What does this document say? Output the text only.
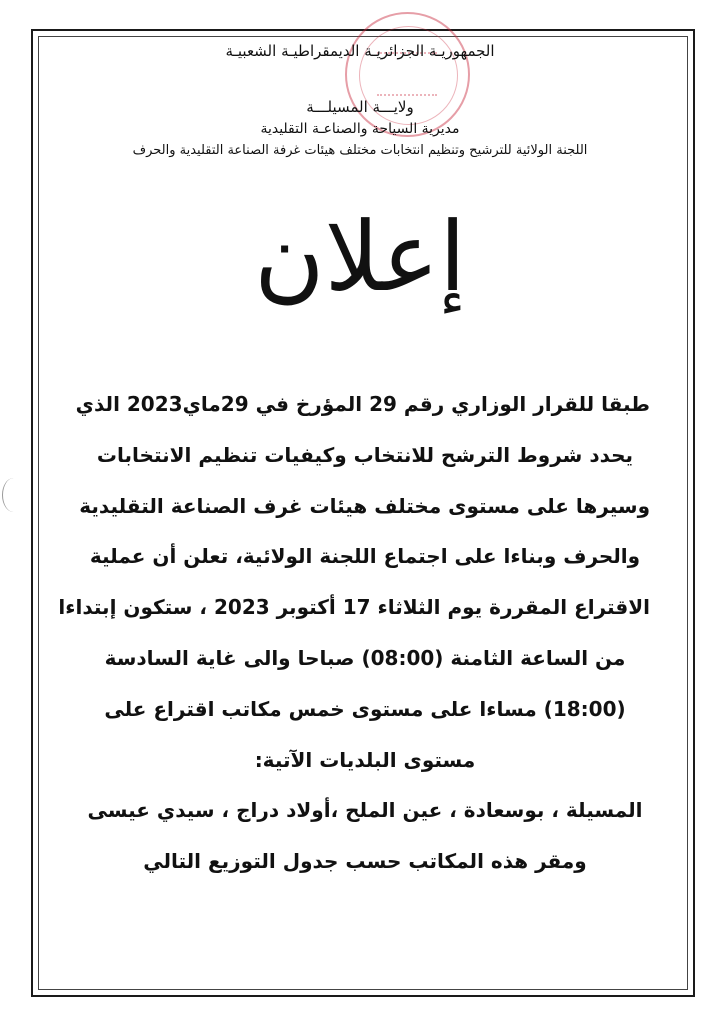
الجمهوريـة الجزائريـة الديمقراطيـة الشعبيـة
ولايـــة المسيلـــة
مديرية السياحة والصناعـة التقليدية
اللجنة الولائية للترشيح وتنظيم انتخابات مختلف هيئات غرفة الصناعة التقليدية والحرف
إعلان
طبقا للقرار الوزاري رقم 29 المؤرخ في 29ماي2023 الذي
يحدد شروط الترشح للانتخاب وكيفيات تنظيم الانتخابات
وسيرها على مستوى مختلف هيئات غرف الصناعة التقليدية
والحرف وبناءا على اجتماع اللجنة الولائية، تعلن أن عملية
الاقتراع المقررة يوم الثلاثاء 17 أكتوبر 2023 ، ستكون إبتداءا
من الساعة الثامنة (08:00) صباحا والى غاية السادسة
(18:00) مساءا على مستوى خمس مكاتب اقتراع على
مستوى البلديات الآتية:
المسيلة ، بوسعادة ، عين الملح ،أولاد دراج ، سيدي عيسى
ومقر هذه المكاتب حسب جدول التوزيع التالي
